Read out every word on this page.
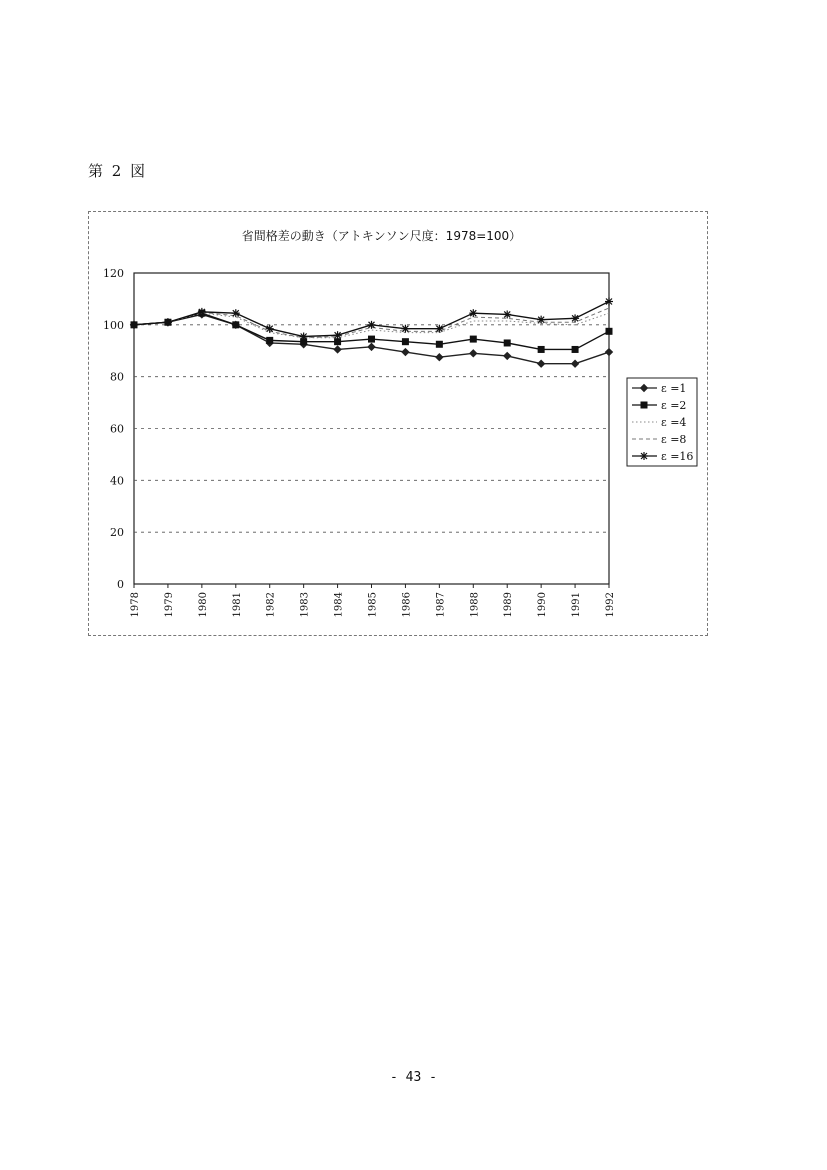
第 2 図
省間格差の動き（アトキンソン尺度：1978=100）
0
20
40
60
80
100
120
1978 1979 1980 1981 1982 1983 1984 1985 1986 1987 1988 1989 1990 1991 1992
ε =1
ε =2
ε =4
ε =8
ε =16
- 43 -
